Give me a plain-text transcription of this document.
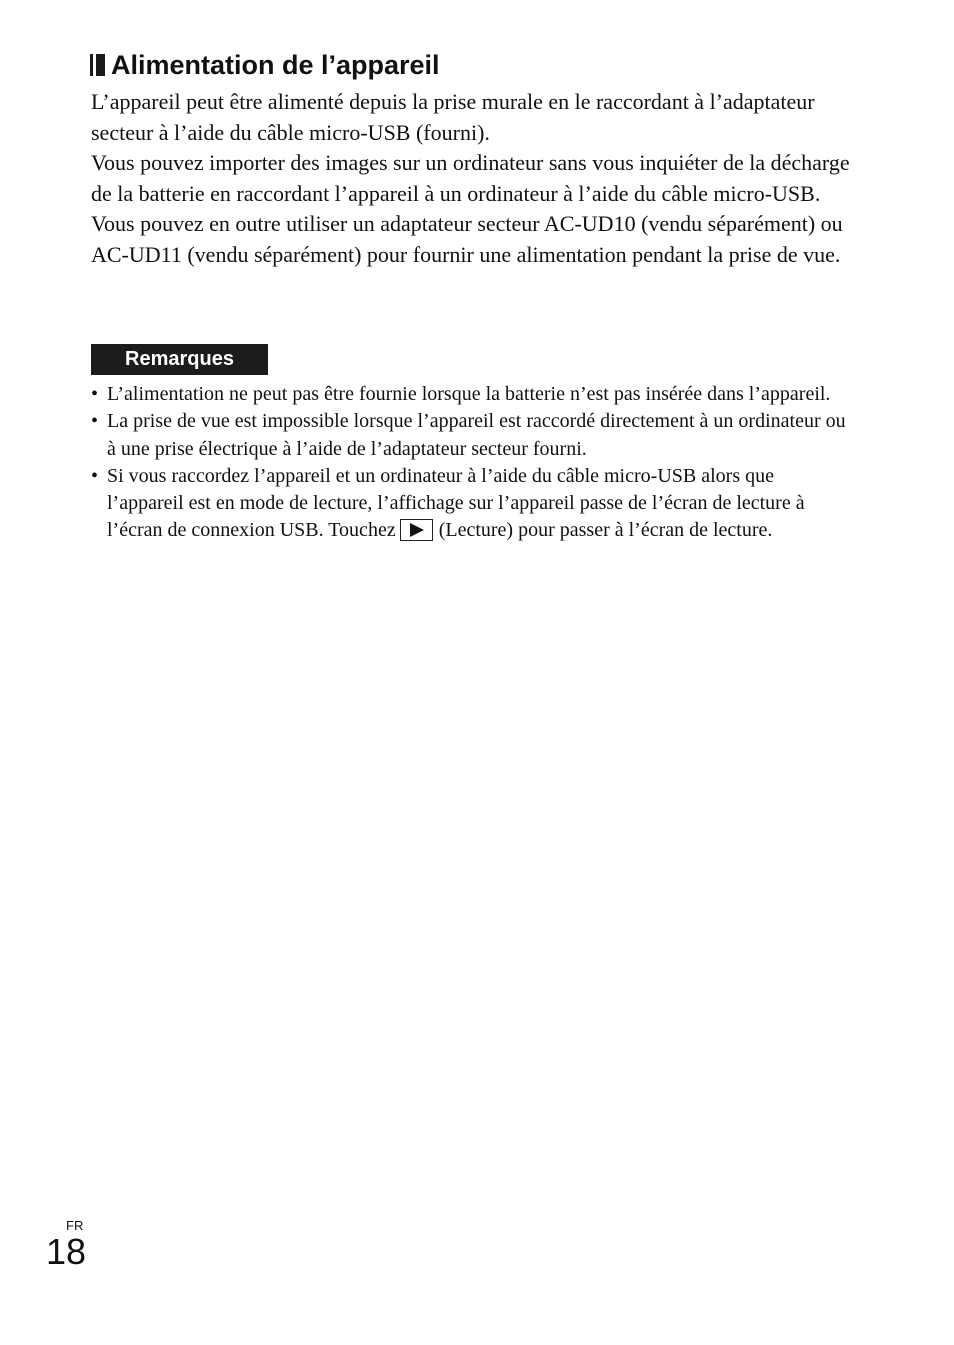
Alimentation de l’appareil

L’appareil peut être alimenté depuis la prise murale en le raccordant à l’adaptateur secteur à l’aide du câble micro-USB (fourni).

Vous pouvez importer des images sur un ordinateur sans vous inquiéter de la décharge de la batterie en raccordant l’appareil à un ordinateur à l’aide du câble micro-USB.

Vous pouvez en outre utiliser un adaptateur secteur AC-UD10 (vendu séparément) ou AC-UD11 (vendu séparément) pour fournir une alimentation pendant la prise de vue.

Remarques
• L’alimentation ne peut pas être fournie lorsque la batterie n’est pas insérée dans l’appareil.
• La prise de vue est impossible lorsque l’appareil est raccordé directement à un ordinateur ou à une prise électrique à l’aide de l’adaptateur secteur fourni.
• Si vous raccordez l’appareil et un ordinateur à l’aide du câble micro-USB alors que l’appareil est en mode de lecture, l’affichage sur l’appareil passe de l’écran de lecture à l’écran de connexion USB. Touchez (Lecture) pour passer à l’écran de lecture.
FR
18
